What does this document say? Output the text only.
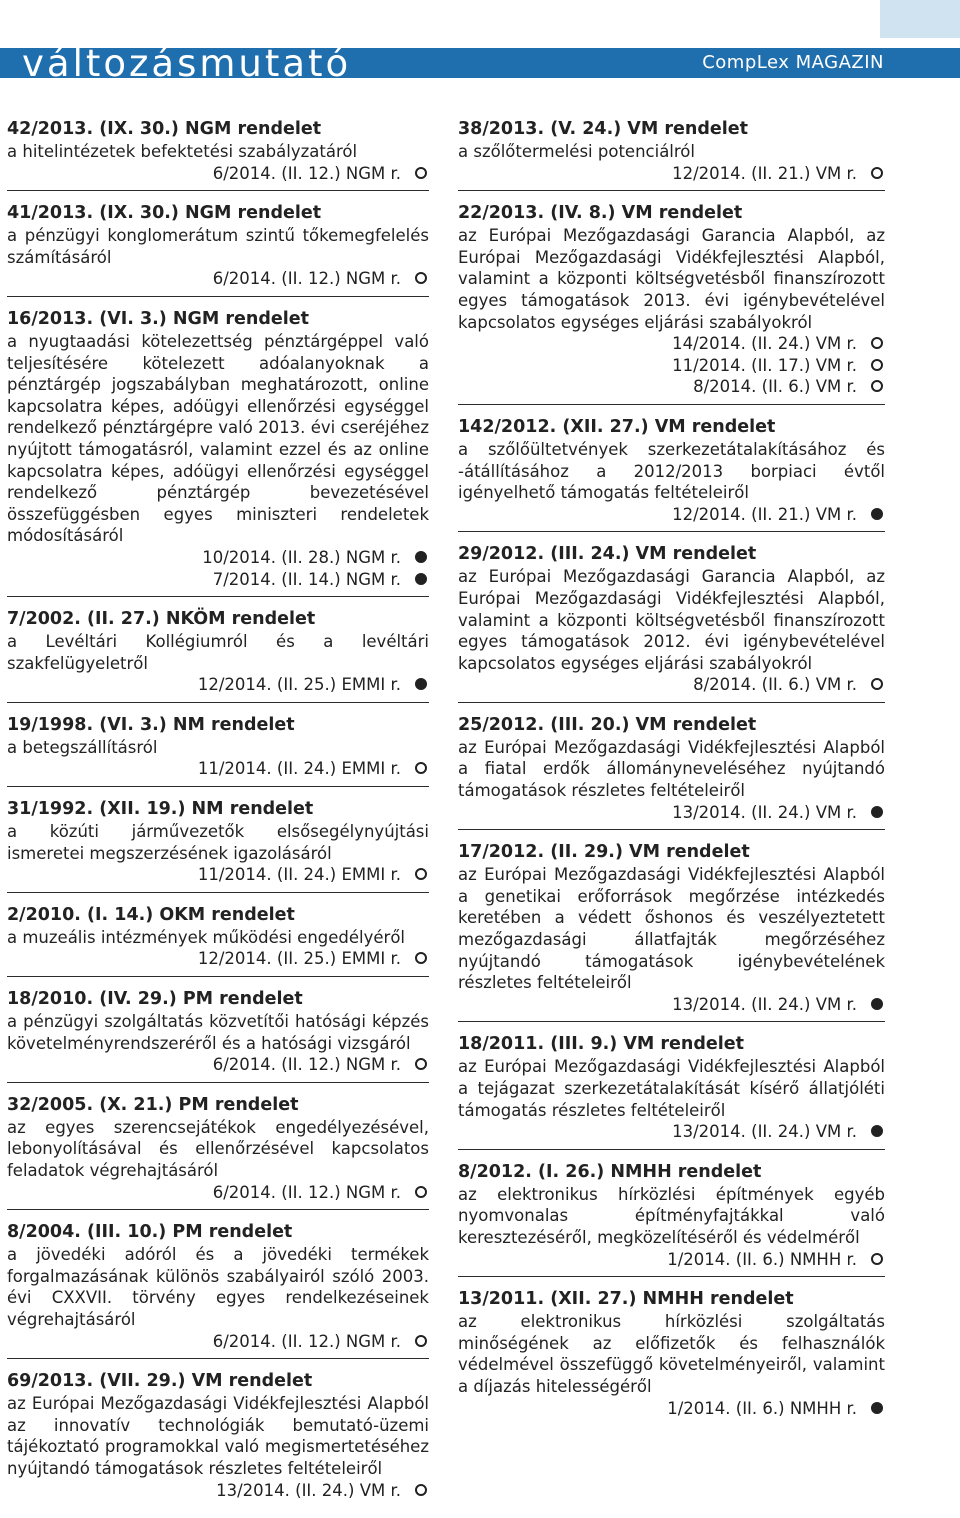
változásmutató	CompLex MAGAZIN
42/2013. (IX. 30.) NGM rendelet
a hitelintézetek befektetési szabályzatáról
6/2014. (II. 12.) NGM r.
41/2013. (IX. 30.) NGM rendelet
a pénzügyi konglomerátum szintű tőkemegfelelés számításáról
6/2014. (II. 12.) NGM r.
16/2013. (VI. 3.) NGM rendelet
a nyugtaadási kötelezettség pénztárgéppel való teljesítésére kötelezett adóalanyoknak a pénztárgép jogszabályban meghatározott, online kapcsolatra képes, adóügyi ellenőrzési egységgel rendelkező pénztárgépre való 2013. évi cseréjéhez nyújtott támogatásról, valamint ezzel és az online kapcsolatra képes, adóügyi ellenőrzési egységgel rendelkező pénztárgép bevezetésével összefüggésben egyes miniszteri rendeletek módosításáról
10/2014. (II. 28.) NGM r.
7/2014. (II. 14.) NGM r.
7/2002. (II. 27.) NKÖM rendelet
a Levéltári Kollégiumról és a levéltári szakfelügyeletről
12/2014. (II. 25.) EMMI r.
19/1998. (VI. 3.) NM rendelet
a betegszállításról
11/2014. (II. 24.) EMMI r.
31/1992. (XII. 19.) NM rendelet
a közúti járművezetők elsősegélynyújtási ismeretei megszerzésének igazolásáról
11/2014. (II. 24.) EMMI r.
2/2010. (I. 14.) OKM rendelet
a muzeális intézmények működési engedélyéről
12/2014. (II. 25.) EMMI r.
18/2010. (IV. 29.) PM rendelet
a pénzügyi szolgáltatás közvetítői hatósági képzés követelményrendszeréről és a hatósági vizsgáról
6/2014. (II. 12.) NGM r.
32/2005. (X. 21.) PM rendelet
az egyes szerencsejátékok engedélyezésével, lebonyolításával és ellenőrzésével kapcsolatos feladatok végrehajtásáról
6/2014. (II. 12.) NGM r.
8/2004. (III. 10.) PM rendelet
a jövedéki adóról és a jövedéki termékek forgalmazásának különös szabályairól szóló 2003. évi CXXVII. törvény egyes rendelkezéseinek végrehajtásáról
6/2014. (II. 12.) NGM r.
69/2013. (VII. 29.) VM rendelet
az Európai Mezőgazdasági Vidékfejlesztési Alapból az innovatív technológiák bemutató-üzemi tájékoztató programokkal való megismertetéséhez nyújtandó támogatások részletes feltételeiről
13/2014. (II. 24.) VM r.
38/2013. (V. 24.) VM rendelet
a szőlőtermelési potenciálról
12/2014. (II. 21.) VM r.
22/2013. (IV. 8.) VM rendelet
az Európai Mezőgazdasági Garancia Alapból, az Európai Mezőgazdasági Vidékfejlesztési Alapból, valamint a központi költségvetésből finanszírozott egyes támogatások 2013. évi igénybevételével kapcsolatos egységes eljárási szabályokról
14/2014. (II. 24.) VM r.
11/2014. (II. 17.) VM r.
8/2014. (II. 6.) VM r.
142/2012. (XII. 27.) VM rendelet
a szőlőültetvények szerkezetátalakításához és -átállításához a 2012/2013 borpiaci évtől igényelhető támogatás feltételeiről
12/2014. (II. 21.) VM r.
29/2012. (III. 24.) VM rendelet
az Európai Mezőgazdasági Garancia Alapból, az Európai Mezőgazdasági Vidékfejlesztési Alapból, valamint a központi költségvetésből finanszírozott egyes támogatások 2012. évi igénybevételével kapcsolatos egységes eljárási szabályokról
8/2014. (II. 6.) VM r.
25/2012. (III. 20.) VM rendelet
az Európai Mezőgazdasági Vidékfejlesztési Alapból a fiatal erdők állományneveléséhez nyújtandó támogatások részletes feltételeiről
13/2014. (II. 24.) VM r.
17/2012. (II. 29.) VM rendelet
az Európai Mezőgazdasági Vidékfejlesztési Alapból a genetikai erőforrások megőrzése intézkedés keretében a védett őshonos és veszélyeztetett mezőgazdasági állatfajták megőrzéséhez nyújtandó támogatások igénybevételének részletes feltételeiről
13/2014. (II. 24.) VM r.
18/2011. (III. 9.) VM rendelet
az Európai Mezőgazdasági Vidékfejlesztési Alapból a tejágazat szerkezetátalakítását kísérő állatjóléti támogatás részletes feltételeiről
13/2014. (II. 24.) VM r.
8/2012. (I. 26.) NMHH rendelet
az elektronikus hírközlési építmények egyéb nyomvonalas építményfajtákkal való keresztezéséről, megközelítéséről és védelméről
1/2014. (II. 6.) NMHH r.
13/2011. (XII. 27.) NMHH rendelet
az elektronikus hírközlési szolgáltatás minőségének az előfizetők és felhasználók védelmével összefüggő követelményeiről, valamint a díjazás hitelességéről
1/2014. (II. 6.) NMHH r.
